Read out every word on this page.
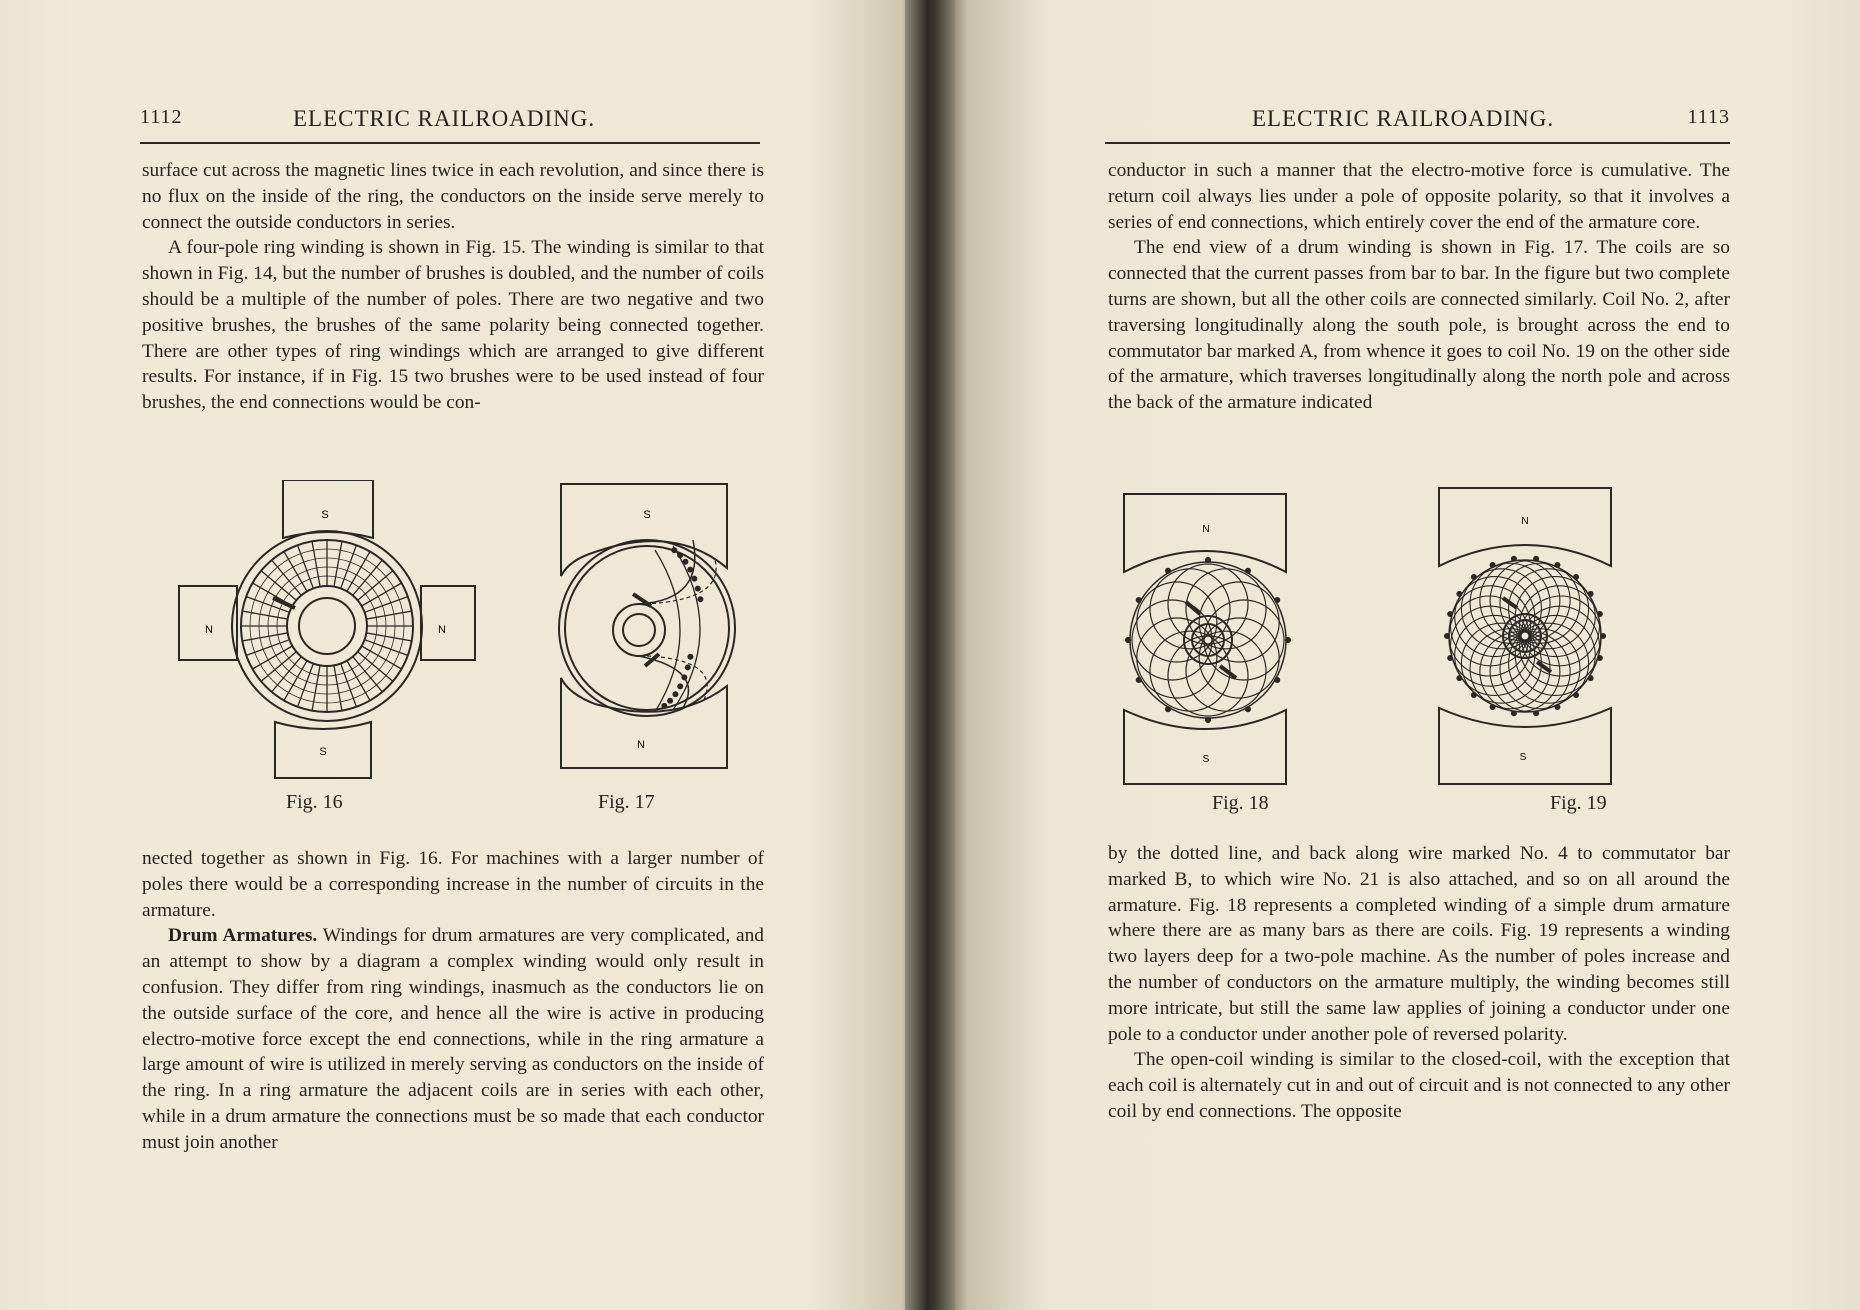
1112	ELECTRIC RAILROADING.

surface cut across the magnetic lines twice in each revolution, and since there is no flux on the inside of the ring, the conductors on the inside serve merely to connect the outside conductors in series.

A four-pole ring winding is shown in Fig. 15. The winding is similar to that shown in Fig. 14, but the number of brushes is doubled, and the number of coils should be a multiple of the number of poles. There are two negative and two positive brushes, the brushes of the same polarity being connected together. There are other types of ring windings which are arranged to give different results. For instance, if in Fig. 15 two brushes were to be used instead of four brushes, the end connections would be con-

S
S
N	N
Fig. 16
S
N
Fig. 17

nected together as shown in Fig. 16. For machines with a larger number of poles there would be a corresponding increase in the number of circuits in the armature.

Drum Armatures. Windings for drum armatures are very complicated, and an attempt to show by a diagram a complex winding would only result in confusion. They differ from ring windings, inasmuch as the conductors lie on the outside surface of the core, and hence all the wire is active in producing electro-motive force except the end connections, while in the ring armature a large amount of wire is utilized in merely serving as conductors on the inside of the ring. In a ring armature the adjacent coils are in series with each other, while in a drum armature the connections must be so made that each conductor must join another

ELECTRIC RAILROADING.	1113

conductor in such a manner that the electro-motive force is cumulative. The return coil always lies under a pole of opposite polarity, so that it involves a series of end connections, which entirely cover the end of the armature core.

The end view of a drum winding is shown in Fig. 17. The coils are so connected that the current passes from bar to bar. In the figure but two complete turns are shown, but all the other coils are connected similarly. Coil No. 2, after traversing longitudinally along the south pole, is brought across the end to commutator bar marked A, from whence it goes to coil No. 19 on the other side of the armature, which traverses longitudinally along the north pole and across the back of the armature indicated

N
S
Fig. 18
N
S
Fig. 19

by the dotted line, and back along wire marked No. 4 to commutator bar marked B, to which wire No. 21 is also attached, and so on all around the armature. Fig. 18 represents a completed winding of a simple drum armature where there are as many bars as there are coils. Fig. 19 represents a winding two layers deep for a two-pole machine. As the number of poles increase and the number of conductors on the armature multiply, the winding becomes still more intricate, but still the same law applies of joining a conductor under one pole to a conductor under another pole of reversed polarity.

The open-coil winding is similar to the closed-coil, with the exception that each coil is alternately cut in and out of circuit and is not connected to any other coil by end connections. The opposite
